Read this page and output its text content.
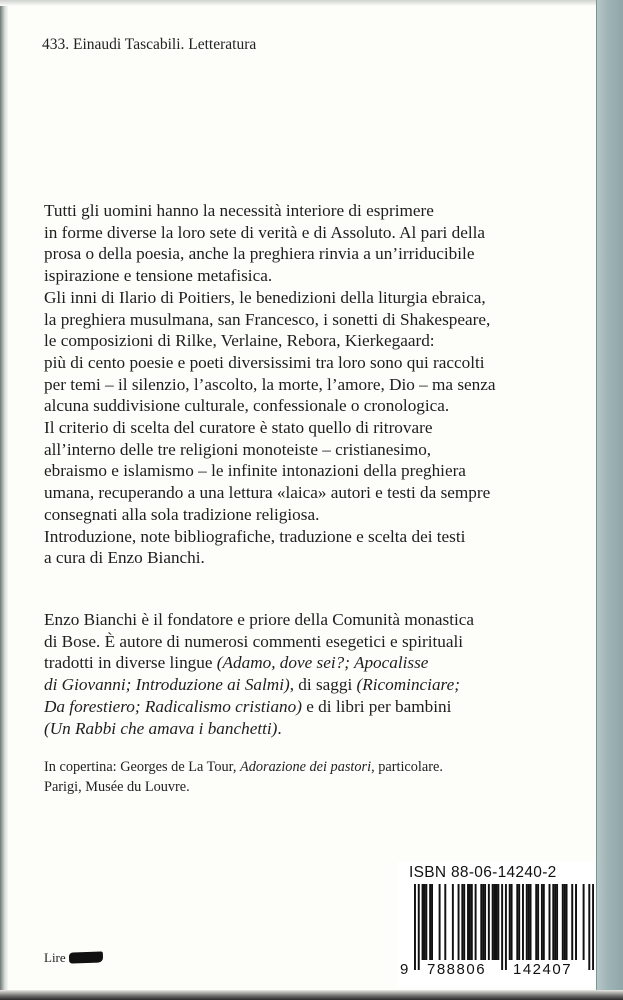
433. Einaudi Tascabili. Letteratura
Tutti gli uomini hanno la necessità interiore di esprimere
in forme diverse la loro sete di verità e di Assoluto. Al pari della
prosa o della poesia, anche la preghiera rinvia a un’irriducibile
ispirazione e tensione metafisica.
Gli inni di Ilario di Poitiers, le benedizioni della liturgia ebraica,
la preghiera musulmana, san Francesco, i sonetti di Shakespeare,
le composizioni di Rilke, Verlaine, Rebora, Kierkegaard:
più di cento poesie e poeti diversissimi tra loro sono qui raccolti
per temi – il silenzio, l’ascolto, la morte, l’amore, Dio – ma senza
alcuna suddivisione culturale, confessionale o cronologica.
Il criterio di scelta del curatore è stato quello di ritrovare
all’interno delle tre religioni monoteiste – cristianesimo,
ebraismo e islamismo – le infinite intonazioni della preghiera
umana, recuperando a una lettura «laica» autori e testi da sempre
consegnati alla sola tradizione religiosa.
Introduzione, note bibliografiche, traduzione e scelta dei testi
a cura di Enzo Bianchi.
Enzo Bianchi è il fondatore e priore della Comunità monastica
di Bose. È autore di numerosi commenti esegetici e spirituali
tradotti in diverse lingue (Adamo, dove sei?; Apocalisse
di Giovanni; Introduzione ai Salmi), di saggi (Ricominciare;
Da forestiero; Radicalismo cristiano) e di libri per bambini
(Un Rabbi che amava i banchetti).
In copertina: Georges de La Tour, Adorazione dei pastori, particolare.
Parigi, Musée du Louvre.
Lire
ISBN 88-06-14240-2
9 788806 142407
